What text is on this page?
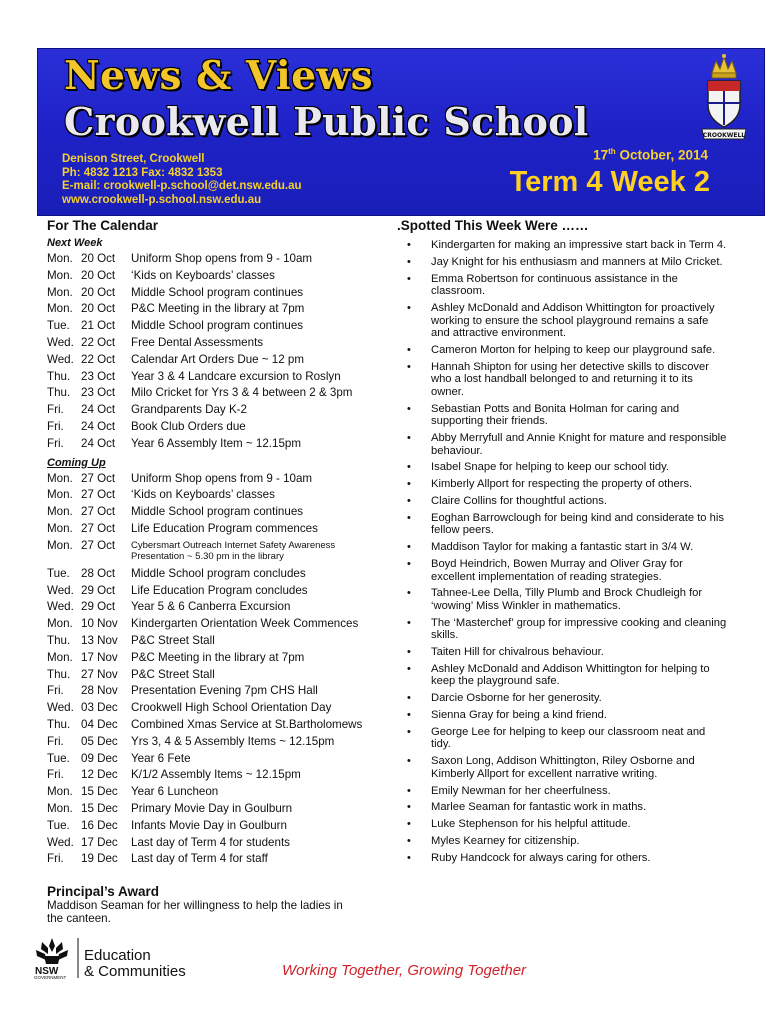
News & Views
Crookwell Public School
Denison Street, Crookwell
Ph: 4832 1213 Fax: 4832 1353
E-mail: crookwell-p.school@det.nsw.edu.au
www.crookwell-p.school.nsw.edu.au
17th October, 2014
Term 4 Week 2
CROOKWELL
For The Calendar
Next Week
Mon. 20 Oct	Uniform Shop opens from 9 - 10am
Mon. 20 Oct	‘Kids on Keyboards’ classes
Mon. 20 Oct	Middle School program continues
Mon. 20 Oct	P&C Meeting in the library at 7pm
Tue. 21 Oct	Middle School program continues
Wed. 22 Oct	Free Dental Assessments
Wed. 22 Oct	Calendar Art Orders Due ~ 12 pm
Thu. 23 Oct	Year 3 & 4 Landcare excursion to Roslyn
Thu. 23 Oct	Milo Cricket for Yrs 3 & 4 between 2 & 3pm
Fri.	24 Oct	Grandparents Day K-2
Fri.	24 Oct	Book Club Orders due
Fri.	24 Oct	Year 6 Assembly Item ~ 12.15pm
Coming Up
Mon. 27 Oct	Uniform Shop opens from 9 - 10am
Mon. 27 Oct	‘Kids on Keyboards’ classes
Mon. 27 Oct	Middle School program continues
Mon. 27 Oct	Life Education Program commences
Mon. 27 Oct	Cybersmart Outreach Internet Safety Awareness Presentation ~ 5.30 pm in the library
Tue. 28 Oct	Middle School program concludes
Wed. 29 Oct	Life Education Program concludes
Wed. 29 Oct	Year 5 & 6 Canberra Excursion
Mon. 10 Nov	Kindergarten Orientation Week Commences
Thu. 13 Nov	P&C Street Stall
Mon. 17 Nov	P&C Meeting in the library at 7pm
Thu. 27 Nov	P&C Street Stall
Fri.	28 Nov	Presentation Evening 7pm CHS Hall
Wed. 03 Dec	Crookwell High School Orientation Day
Thu. 04 Dec	Combined Xmas Service at St.Bartholomews
Fri.	05 Dec	Yrs 3, 4 & 5 Assembly Items ~ 12.15pm
Tue. 09 Dec	Year 6 Fete
Fri.	12 Dec	K/1/2 Assembly Items ~ 12.15pm
Mon. 15 Dec	Year 6 Luncheon
Mon. 15 Dec	Primary Movie Day in Goulburn
Tue. 16 Dec	Infants Movie Day in Goulburn
Wed. 17 Dec	Last day of Term 4 for students
Fri.	19 Dec	Last day of Term 4 for staff
Principal’s Award
Maddison Seaman for her willingness to help the ladies in the canteen.
.Spotted This Week Were ……
• Kindergarten for making an impressive start back in Term 4.
• Jay Knight for his enthusiasm and manners at Milo Cricket.
• Emma Robertson for continuous assistance in the classroom.
• Ashley McDonald and Addison Whittington for proactively working to ensure the school playground remains a safe and attractive environment.
• Cameron Morton for helping to keep our playground safe.
• Hannah Shipton for using her detective skills to discover who a lost handball belonged to and returning it to its owner.
• Sebastian Potts and Bonita Holman for caring and supporting their friends.
• Abby Merryfull and Annie Knight for mature and responsible behaviour.
• Isabel Snape for helping to keep our school tidy.
• Kimberly Allport for respecting the property of others.
• Claire Collins for thoughtful actions.
• Eoghan Barrowclough for being kind and considerate to his fellow peers.
• Maddison Taylor for making a fantastic start in 3/4 W.
• Boyd Heindrich, Bowen Murray and Oliver Gray for excellent implementation of reading strategies.
• Tahnee-Lee Della, Tilly Plumb and Brock Chudleigh for ‘wowing’ Miss Winkler in mathematics.
• The ‘Masterchef’ group for impressive cooking and cleaning skills.
• Taiten Hill for chivalrous behaviour.
• Ashley McDonald and Addison Whittington for helping to keep the playground safe.
• Darcie Osborne for her generosity.
• Sienna Gray for being a kind friend.
• George Lee for helping to keep our classroom neat and tidy.
• Saxon Long, Addison Whittington, Riley Osborne and Kimberly Allport for excellent narrative writing.
• Emily Newman for her cheerfulness.
• Marlee Seaman for fantastic work in maths.
• Luke Stephenson for his helpful attitude.
• Myles Kearney for citizenship.
• Ruby Handcock for always caring for others.
NSW
GOVERNMENT
Education
& Communities	Working Together, Growing Together
